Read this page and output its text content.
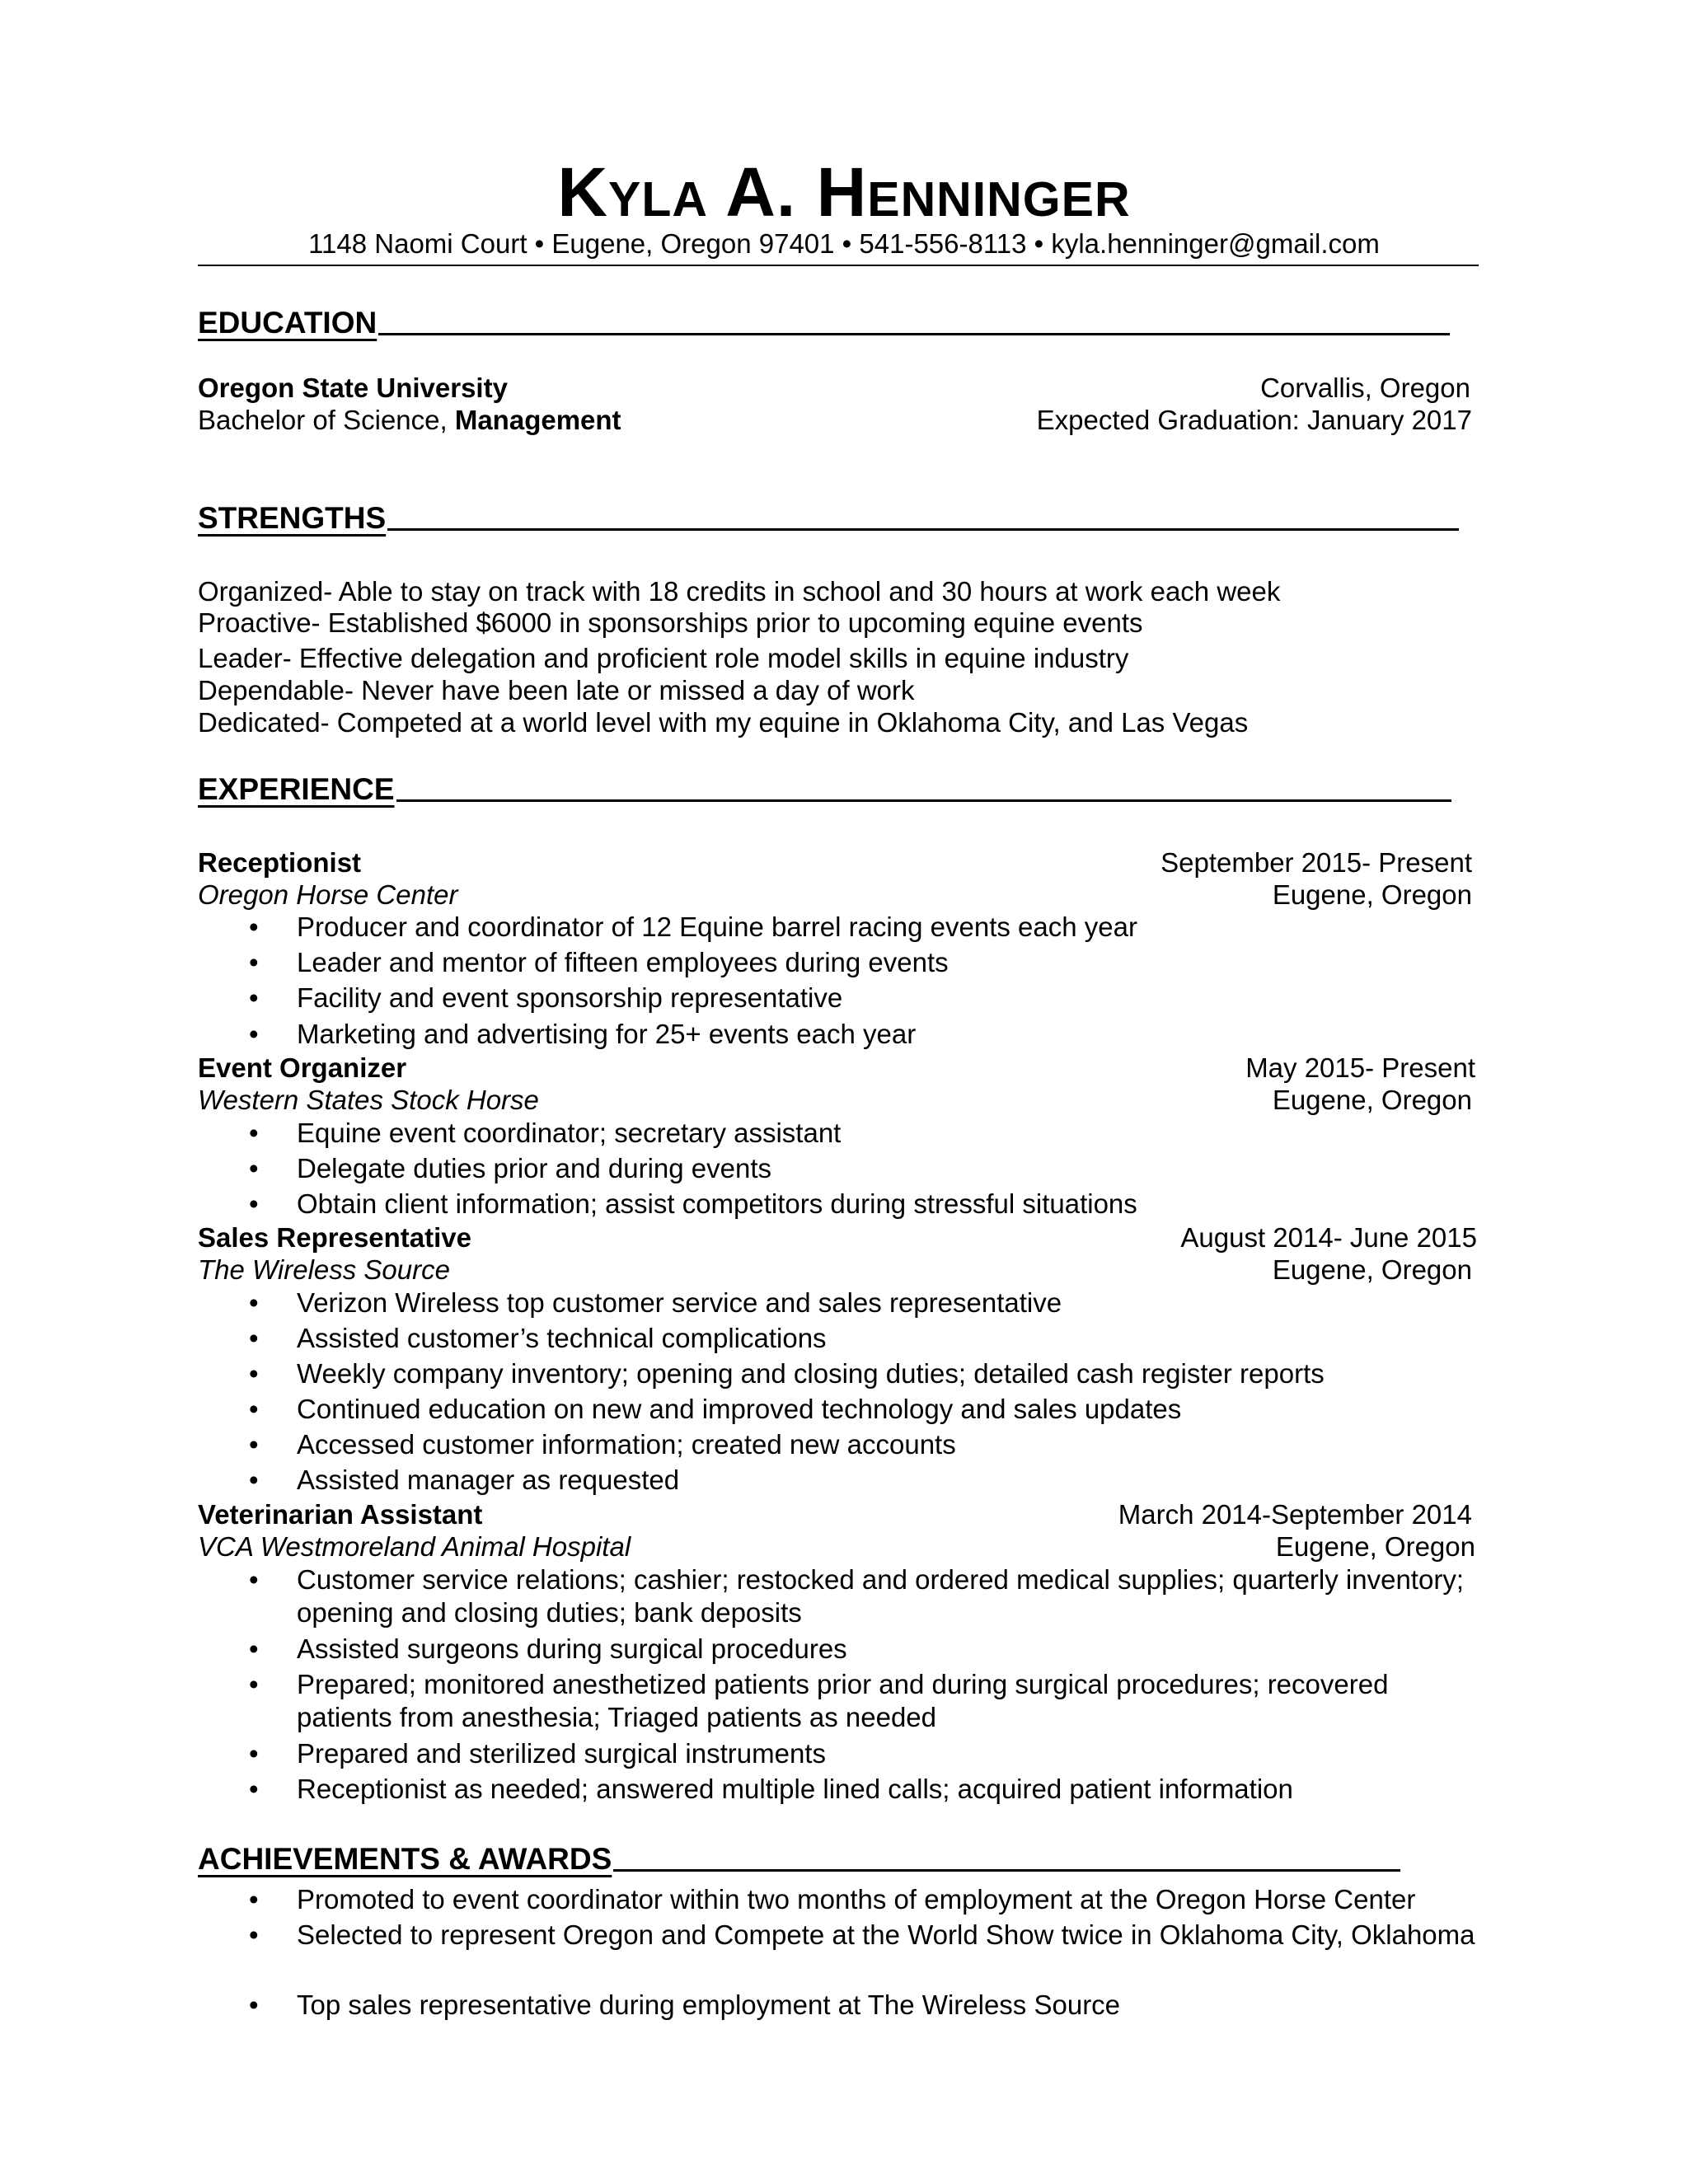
Kyla A. Henninger
1148 Naomi Court • Eugene, Oregon 97401 • 541-556-8113 • kyla.henninger@gmail.com
EDUCATION
Oregon State University	Corvallis, Oregon
Bachelor of Science, Management	Expected Graduation: January 2017
STRENGTHS
Organized- Able to stay on track with 18 credits in school and 30 hours at work each week
Proactive- Established $6000 in sponsorships prior to upcoming equine events
Leader- Effective delegation and proficient role model skills in equine industry
Dependable- Never have been late or missed a day of work
Dedicated- Competed at a world level with my equine in Oklahoma City, and Las Vegas
EXPERIENCE
Receptionist	September 2015- Present
Oregon Horse Center	Eugene, Oregon
• Producer and coordinator of 12 Equine barrel racing events each year
• Leader and mentor of fifteen employees during events
• Facility and event sponsorship representative
• Marketing and advertising for 25+ events each year
Event Organizer	May 2015- Present
Western States Stock Horse	Eugene, Oregon
• Equine event coordinator; secretary assistant
• Delegate duties prior and during events
• Obtain client information; assist competitors during stressful situations
Sales Representative	August 2014- June 2015
The Wireless Source	Eugene, Oregon
• Verizon Wireless top customer service and sales representative
• Assisted customer’s technical complications
• Weekly company inventory; opening and closing duties; detailed cash register reports
• Continued education on new and improved technology and sales updates
• Accessed customer information; created new accounts
• Assisted manager as requested
Veterinarian Assistant	March 2014-September 2014
VCA Westmoreland Animal Hospital	Eugene, Oregon
• Customer service relations; cashier; restocked and ordered medical supplies; quarterly inventory; opening and closing duties; bank deposits
• Assisted surgeons during surgical procedures
• Prepared; monitored anesthetized patients prior and during surgical procedures; recovered patients from anesthesia; Triaged patients as needed
• Prepared and sterilized surgical instruments
• Receptionist as needed; answered multiple lined calls; acquired patient information
ACHIEVEMENTS & AWARDS
• Promoted to event coordinator within two months of employment at the Oregon Horse Center
• Selected to represent Oregon and Compete at the World Show twice in Oklahoma City, Oklahoma
• Top sales representative during employment at The Wireless Source
